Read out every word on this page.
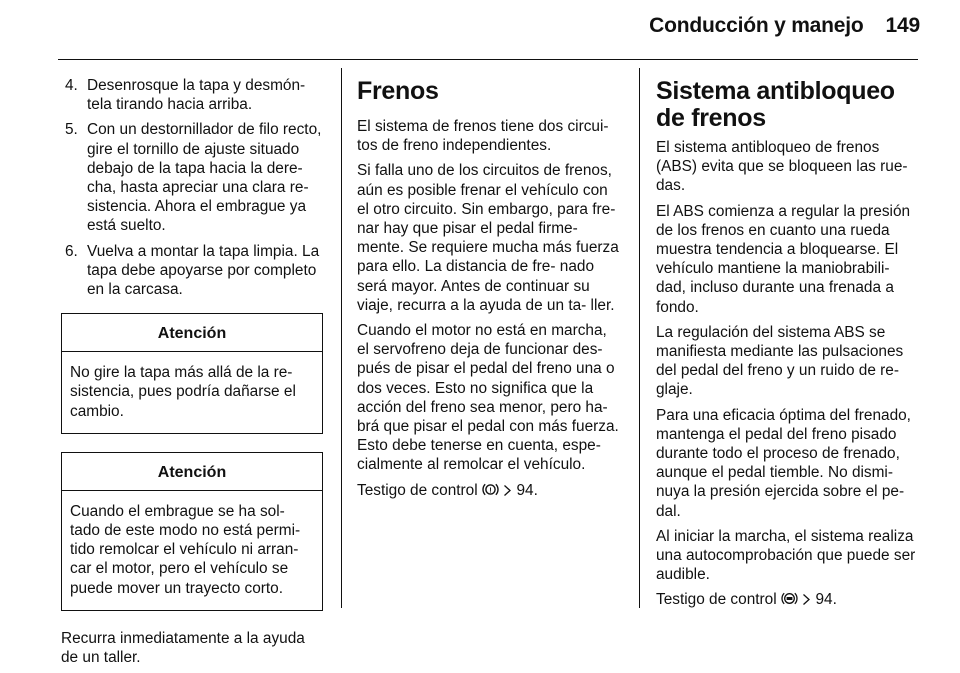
Conducción y manejo 149
4. Desenrosque la tapa y desmón- tela tirando hacia arriba.
5. Con un destornillador de filo recto, gire el tornillo de ajuste situado debajo de la tapa hacia la dere- cha, hasta apreciar una clara re- sistencia. Ahora el embrague ya está suelto.
6. Vuelva a montar la tapa limpia. La tapa debe apoyarse por completo en la carcasa.
Atención
No gire la tapa más allá de la re- sistencia, pues podría dañarse el cambio.
Atención
Cuando el embrague se ha sol- tado de este modo no está permi- tido remolcar el vehículo ni arran- car el motor, pero el vehículo se puede mover un trayecto corto.

Recurra inmediatamente a la ayuda de un taller.

Frenos

El sistema de frenos tiene dos circui- tos de freno independientes.

Si falla uno de los circuitos de frenos, aún es posible frenar el vehículo con el otro circuito. Sin embargo, para fre- nar hay que pisar el pedal firme- mente. Se requiere mucha más fuerza para ello. La distancia de fre- nado será mayor. Antes de continuar su viaje, recurra a la ayuda de un ta- ller.

Cuando el motor no está en marcha, el servofreno deja de funcionar des- pués de pisar el pedal del freno una o dos veces. Esto no significa que la acción del freno sea menor, pero ha- brá que pisar el pedal con más fuerza. Esto debe tenerse en cuenta, espe- cialmente al remolcar el vehículo.

Testigo de control ! 94.

Sistema antibloqueo de frenos

El sistema antibloqueo de frenos (ABS) evita que se bloqueen las rue- das.

El ABS comienza a regular la presión de los frenos en cuanto una rueda muestra tendencia a bloquearse. El vehículo mantiene la maniobrabili- dad, incluso durante una frenada a fondo.

La regulación del sistema ABS se manifiesta mediante las pulsaciones del pedal del freno y un ruido de re- glaje.

Para una eficacia óptima del frenado, mantenga el pedal del freno pisado durante todo el proceso de frenado, aunque el pedal tiemble. No dismi- nuya la presión ejercida sobre el pe- dal.

Al iniciar la marcha, el sistema realiza una autocomprobación que puede ser audible.

Testigo de control	94.
